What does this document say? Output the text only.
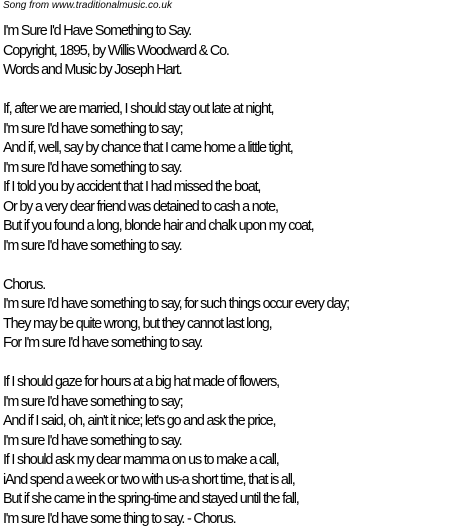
Song from www.traditionalmusic.co.uk
I'm Sure I'd Have Something to Say.
Copyright, 1895, by Willis Woodward & Co.
Words and Music by Joseph Hart.
If, after we are married, I should stay out late at night,
I'm sure I'd have something to say;
And if, well, say by chance that I came home a little tight,
I'm sure I'd have something to say.
If I told you by accident that I had missed the boat,
Or by a very dear friend was detained to cash a note,
But if you found a long, blonde hair and chalk upon my coat,
I'm sure I'd have something to say.
Chorus.
I'm sure I'd have something to say, for such things occur every day;
They may be quite wrong, but they cannot last long,
For I'm sure I'd have something to say.
If I should gaze for hours at a big hat made of flowers,
I'm sure I'd have something to say;
And if I said, oh, ain't it nice; let's go and ask the price,
I'm sure I'd have something to say.
If I should ask my dear mamma on us to make a call,
iAnd spend a week or two with us-a short time, that is all,
But if she came in the spring-time and stayed until the fall,
I'm sure I'd have some thing to say. - Chorus.
